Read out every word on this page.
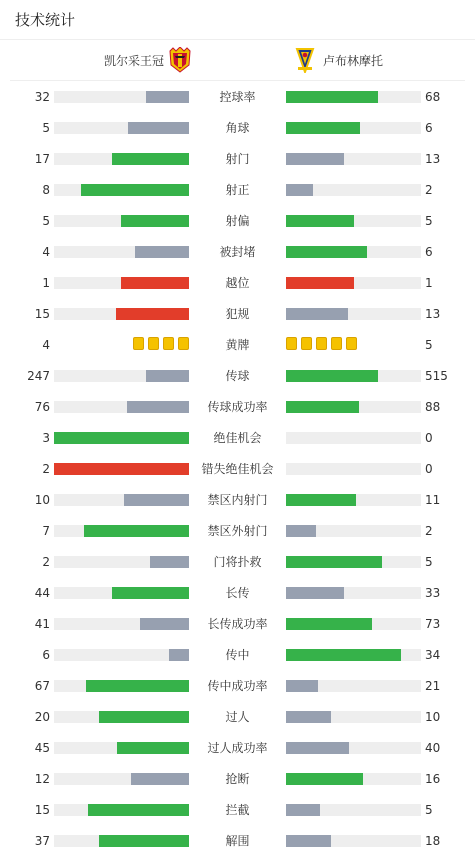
技术统计
凯尔采王冠	卢布林摩托
32	控球率	68
5	角球	6
17	射门	13
8	射正	2
5	射偏	5
4	被封堵	6
1	越位	1
15	犯规	13
4	黄牌	5
247	传球	515
76	传球成功率	88
3	绝佳机会	0
2	错失绝佳机会	0
10	禁区内射门	11
7	禁区外射门	2
2	门将扑救	5
44	长传	33
41	长传成功率	73
6	传中	34
67	传中成功率	21
20	过人	10
45	过人成功率	40
12	抢断	16
15	拦截	5
37	解围	18
